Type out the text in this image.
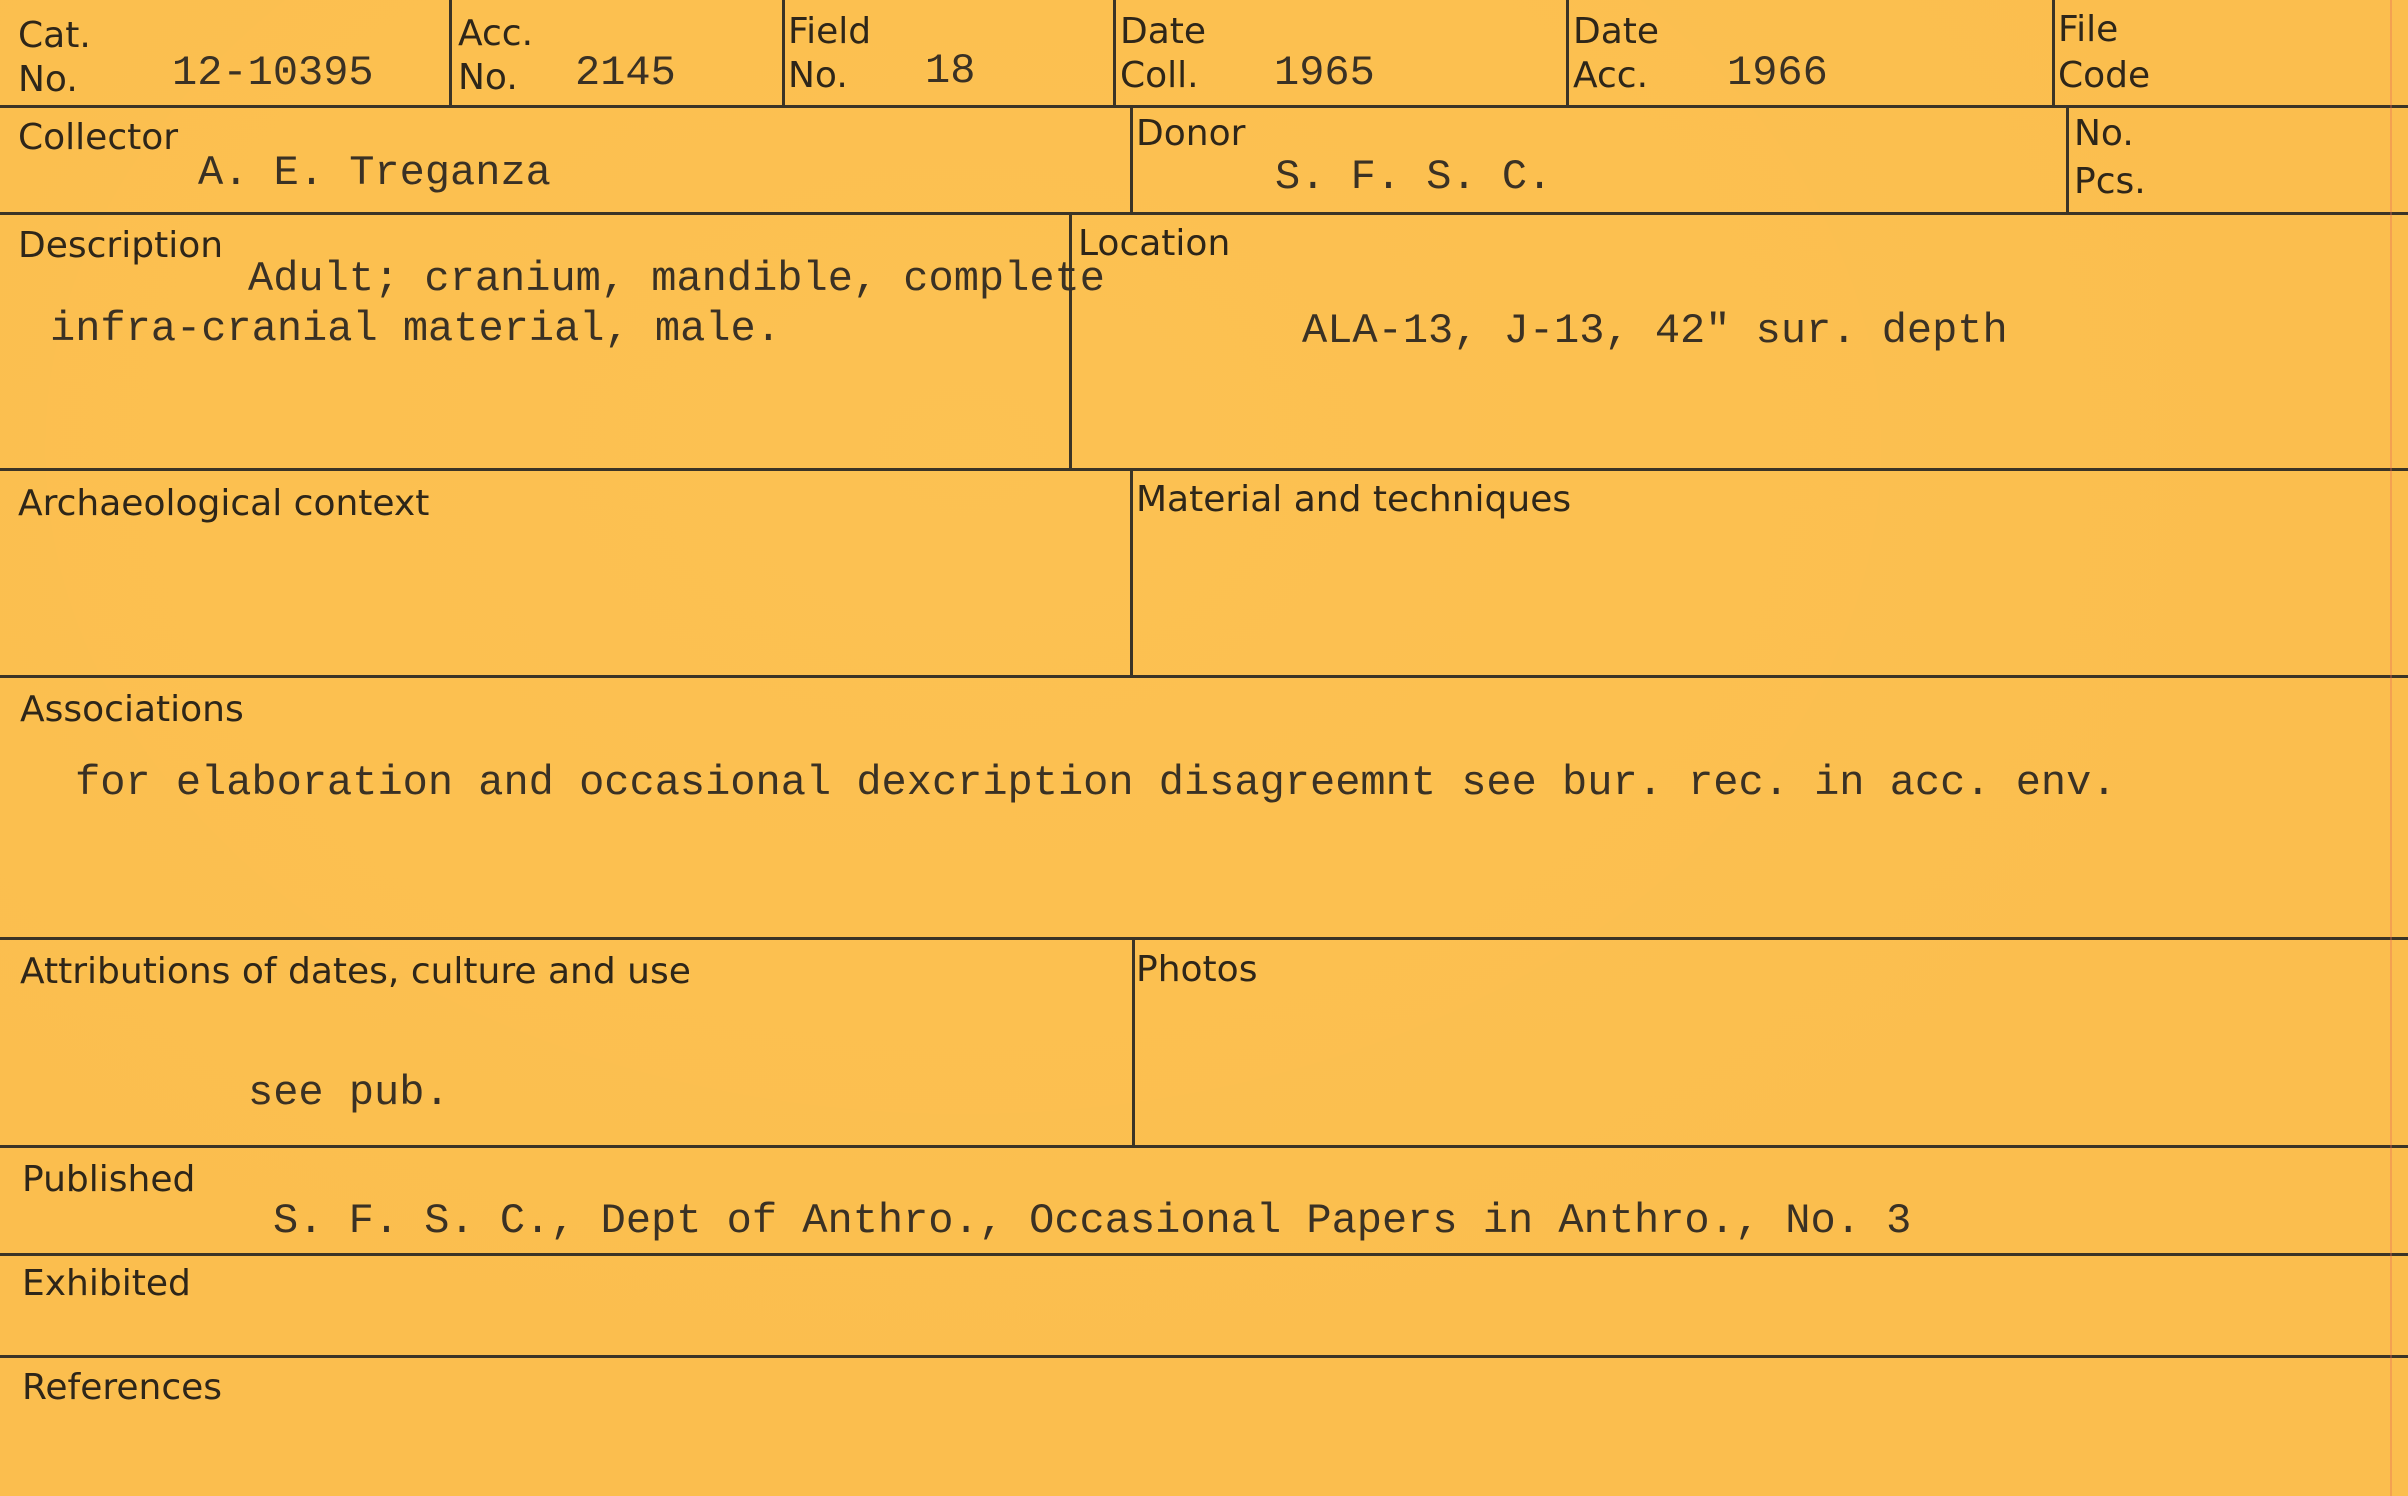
Cat.
No. 12-10395
Acc.
No. 2145
Field
No. 18
Date
Coll. 1965
Date
Acc. 1966
File
Code
Collector
A. E. Treganza
Donor
S. F. S. C.
No.
Pcs.
Description
Adult; cranium, mandible, complete
infra-cranial material, male.
Location
ALA-13, J-13, 42" sur. depth
Archaeological context	Material and techniques
Associations
for elaboration and occasional dexcription disagreemnt see bur. rec. in acc. env.
Attributions of dates, culture and use
see pub.
Photos
Published
S. F. S. C., Dept of Anthro., Occasional Papers in Anthro., No. 3
Exhibited
References
